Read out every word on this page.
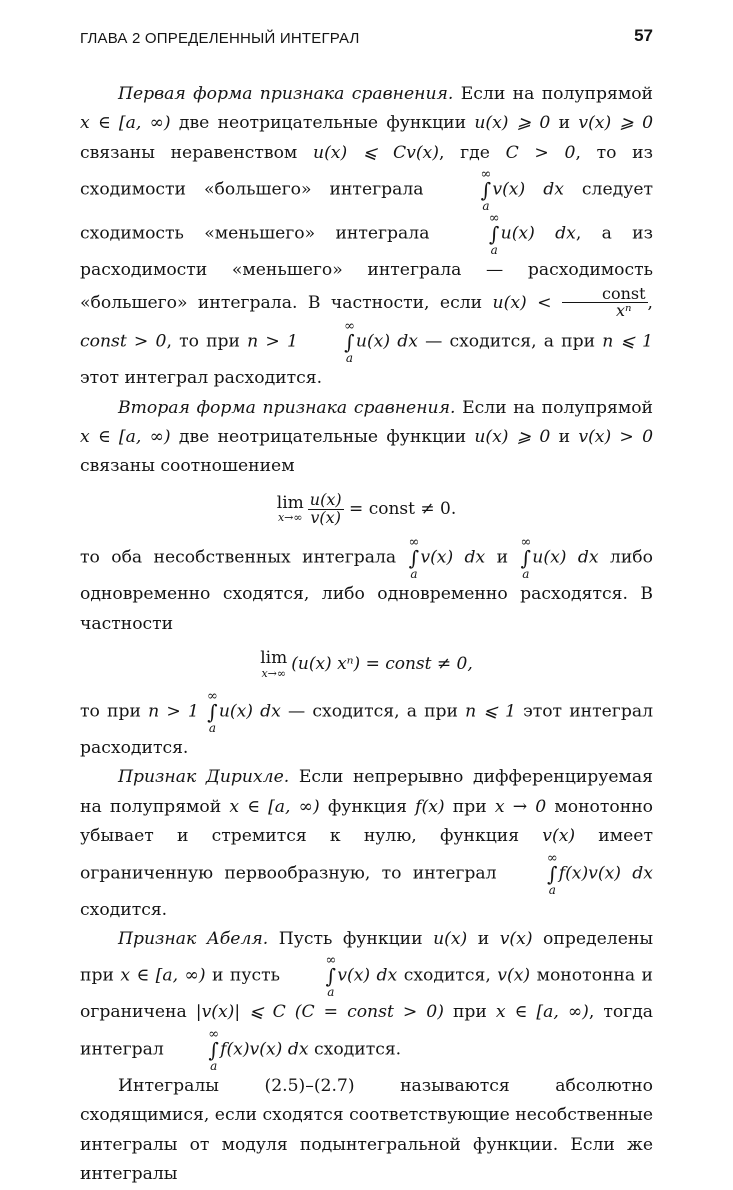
ГЛАВА 2 ОПРЕДЕЛЕННЫЙ ИНТЕГРАЛ	57

Первая форма признака сравнения. Если на полупрямой x ∈ [a, ∞) две неотрицательные функции u(x) ⩾ 0 и v(x) ⩾ 0 связаны неравенством u(x) ⩽ Cv(x), где C > 0, то из сходимости «большего» интеграла
∞
∫
a
v(x) dx следует сходимость «меньшего» интеграла
∞
∫
a
u(x) dx, а из расходимости «меньшего» интеграла — расходимость «большего» интеграла. В частности, если $u(x) < \frac{\text{const}}{\text{xⁿ}}$ , const > 0, то при n > 1
∞
∫
a
u(x) dx — сходится, а при n ⩽ 1 этот интеграл расходится.

Вторая форма признака сравнения. Если на полупрямой x ∈ [a, ∞) две неотрицательные функции u(x) ⩾ 0 и v(x) > 0 связаны соотношением

lim
$x\to\infty \frac{u(x)}{v(x)}$ = const ≠ 0.

то оба несобственных интеграла
∞
∫
a
v(x) dx и
∞
∫
a
u(x) dx либо одновременно сходятся, либо одновременно расходятся. В частности

lim
x→∞ (u(x) xⁿ) = const ≠ 0,

то при n > 1
∞
∫
a
u(x) dx — сходится, а при n ⩽ 1 этот интеграл расходится.

Признак Дирихле. Если непрерывно дифференцируемая на полупрямой x ∈ [a, ∞) функция f(x) при x → 0 монотонно убывает и стремится к нулю, функция v(x) имеет ограниченную первообразную, то интеграл
∞
∫
a
f(x)v(x) dx сходится.

Признак Абеля. Пусть функции u(x) и v(x) определены при x ∈ [a, ∞) и пусть
∞
∫
a
v(x) dx сходится, v(x) монотонна и ограничена |v(x)| ⩽ C (C = const > 0) при x ∈ [a, ∞), тогда интеграл
∞
∫
a
f(x)v(x) dx сходится.

Интегралы (2.5)–(2.7) называются абсолютно сходящимися, если сходятся соответствующие несобственные интегралы от модуля подынтегральной функции. Если же интегралы
